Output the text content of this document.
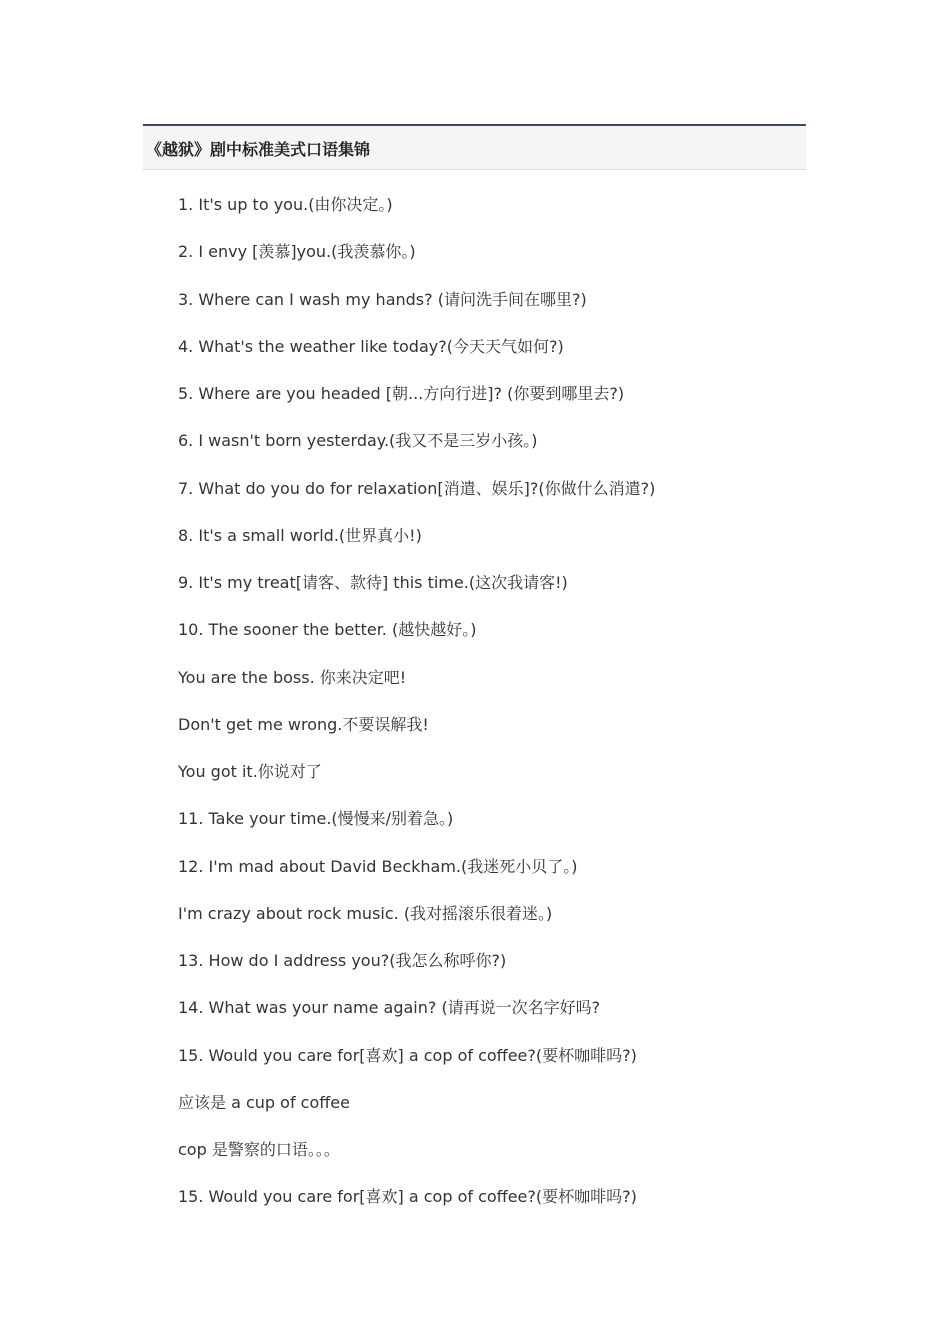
《越狱》剧中标准美式口语集锦
1. It's up to you.(由你决定。)
2. I envy [羡慕]you.(我羡慕你。)
3. Where can I wash my hands? (请问洗手间在哪里?)
4. What's the weather like today?(今天天气如何?)
5. Where are you headed [朝...方向行进]? (你要到哪里去?)
6. I wasn't born yesterday.(我又不是三岁小孩。)
7. What do you do for relaxation[消遣、娱乐]?(你做什么消遣?)
8. It's a small world.(世界真小!)
9. It's my treat[请客、款待] this time.(这次我请客!)
10. The sooner the better. (越快越好。)
You are the boss. 你来决定吧!
Don't get me wrong.不要误解我!
You got it.你说对了
11. Take your time.(慢慢来/别着急。)
12. I'm mad about David Beckham.(我迷死小贝了。)
I'm crazy about rock music. (我对摇滚乐很着迷。)
13. How do I address you?(我怎么称呼你?)
14. What was your name again? (请再说一次名字好吗?
15. Would you care for[喜欢] a cop of coffee?(要杯咖啡吗?)
应该是 a cup of coffee
cop 是警察的口语。。。
15. Would you care for[喜欢] a cop of coffee?(要杯咖啡吗?)
